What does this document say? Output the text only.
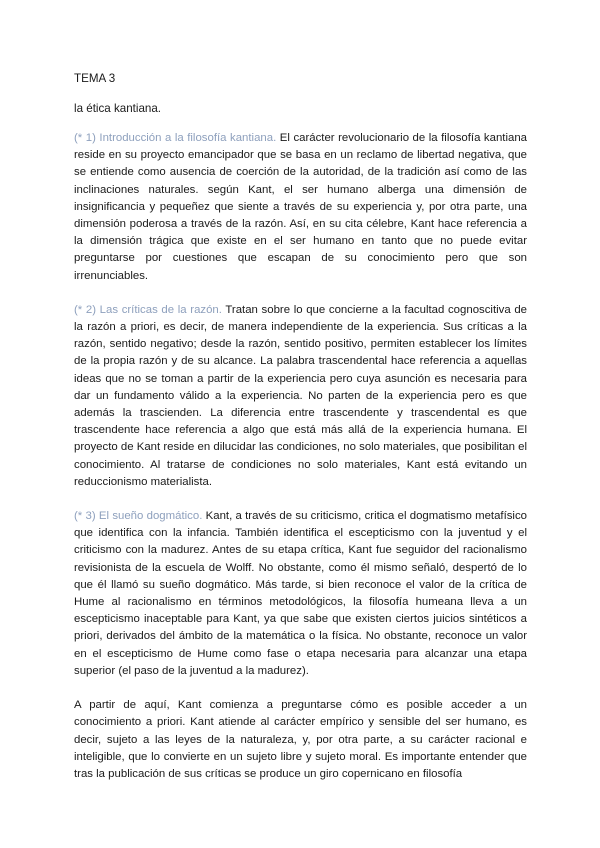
TEMA 3
la ética kantiana.

(* 1) Introducción a la filosofía kantiana. El carácter revolucionario de la filosofía kantiana reside en su proyecto emancipador que se basa en un reclamo de libertad negativa, que se entiende como ausencia de coerción de la autoridad, de la tradición así como de las inclinaciones naturales. según Kant, el ser humano alberga una dimensión de insignificancia y pequeñez que siente a través de su experiencia y, por otra parte, una dimensión poderosa a través de la razón. Así, en su cita célebre, Kant hace referencia a la dimensión trágica que existe en el ser humano en tanto que no puede evitar preguntarse por cuestiones que escapan de su conocimiento pero que son irrenunciables.

(* 2) Las críticas de la razón. Tratan sobre lo que concierne a la facultad cognoscitiva de la razón a priori, es decir, de manera independiente de la experiencia. Sus críticas a la razón, sentido negativo; desde la razón, sentido positivo, permiten establecer los límites de la propia razón y de su alcance. La palabra trascendental hace referencia a aquellas ideas que no se toman a partir de la experiencia pero cuya asunción es necesaria para dar un fundamento válido a la experiencia. No parten de la experiencia pero es que además la trascienden. La diferencia entre trascendente y trascendental es que trascendente hace referencia a algo que está más allá de la experiencia humana. El proyecto de Kant reside en dilucidar las condiciones, no solo materiales, que posibilitan el conocimiento. Al tratarse de condiciones no solo materiales, Kant está evitando un reduccionismo materialista.

(* 3) El sueño dogmático. Kant, a través de su criticismo, critica el dogmatismo metafísico que identifica con la infancia. También identifica el escepticismo con la juventud y el criticismo con la madurez. Antes de su etapa crítica, Kant fue seguidor del racionalismo revisionista de la escuela de Wolff. No obstante, como él mismo señaló, despertó de lo que él llamó su sueño dogmático. Más tarde, si bien reconoce el valor de la crítica de Hume al racionalismo en términos metodológicos, la filosofía humeana lleva a un escepticismo inaceptable para Kant, ya que sabe que existen ciertos juicios sintéticos a priori, derivados del ámbito de la matemática o la física. No obstante, reconoce un valor en el escepticismo de Hume como fase o etapa necesaria para alcanzar una etapa superior (el paso de la juventud a la madurez).

A partir de aquí, Kant comienza a preguntarse cómo es posible acceder a un conocimiento a priori. Kant atiende al carácter empírico y sensible del ser humano, es decir, sujeto a las leyes de la naturaleza, y, por otra parte, a su carácter racional e inteligible, que lo convierte en un sujeto libre y sujeto moral. Es importante entender que tras la publicación de sus críticas se produce un giro copernicano en filosofía
